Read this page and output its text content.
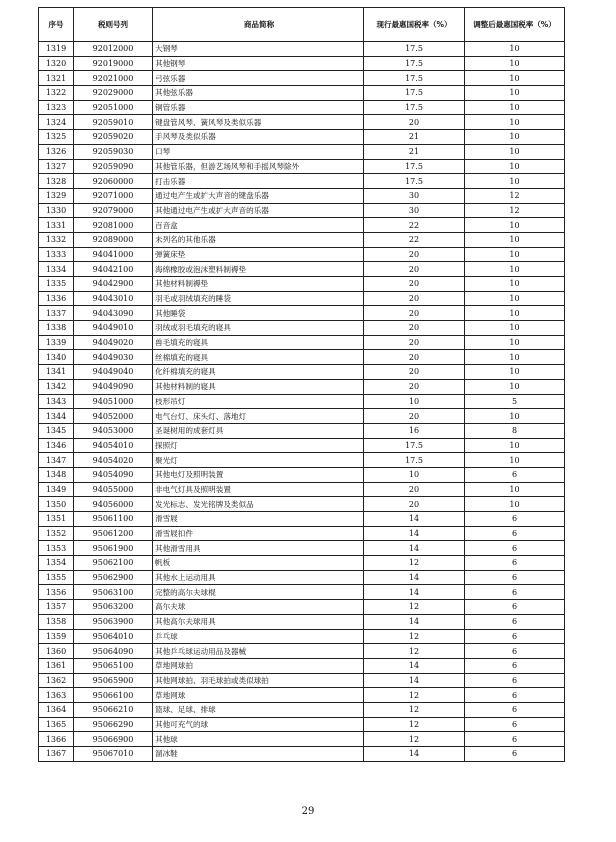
序号	税则号列	商品简称	现行最惠国税率（%）	调整后最惠国税率（%）
1319	92012000	大钢琴	17.5	10
1320	92019000	其他钢琴	17.5	10
1321	92021000	弓弦乐器	17.5	10
1322	92029000	其他弦乐器	17.5	10
1323	92051000	铜管乐器	17.5	10
1324	92059010	键盘管风琴、簧风琴及类似乐器	20	10
1325	92059020	手风琴及类似乐器	21	10
1326	92059030	口琴	21	10
1327	92059090	其他管乐器，但游艺场风琴和手摇风琴除外	17.5	10
1328	92060000	打击乐器	17.5	10
1329	92071000	通过电产生或扩大声音的键盘乐器	30	12
1330	92079000	其他通过电产生或扩大声音的乐器	30	12
1331	92081000	百音盒	22	10
1332	92089000	未列名的其他乐器	22	10
1333	94041000	弹簧床垫	20	10
1334	94042100	海绵橡胶或泡沫塑料制褥垫	20	10
1335	94042900	其他材料制褥垫	20	10
1336	94043010	羽毛或羽绒填充的睡袋	20	10
1337	94043090	其他睡袋	20	10
1338	94049010	羽绒或羽毛填充的寝具	20	10
1339	94049020	兽毛填充的寝具	20	10
1340	94049030	丝棉填充的寝具	20	10
1341	94049040	化纤棉填充的寝具	20	10
1342	94049090	其他材料制的寝具	20	10
1343	94051000	枝形吊灯	10	5
1344	94052000	电气台灯、床头灯、落地灯	20	10
1345	94053000	圣诞树用的成套灯具	16	8
1346	94054010	探照灯	17.5	10
1347	94054020	聚光灯	17.5	10
1348	94054090	其他电灯及照明装置	10	6
1349	94055000	非电气灯具及照明装置	20	10
1350	94056000	发光标志、发光铭牌及类似品	20	10
1351	95061100	滑雪屐	14	6
1352	95061200	滑雪屐扣件	14	6
1353	95061900	其他滑雪用具	14	6
1354	95062100	帆板	12	6
1355	95062900	其他水上运动用具	14	6
1356	95063100	完整的高尔夫球棍	14	6
1357	95063200	高尔夫球	12	6
1358	95063900	其他高尔夫球用具	14	6
1359	95064010	乒乓球	12	6
1360	95064090	其他乒乓球运动用品及器械	12	6
1361	95065100	草地网球拍	14	6
1362	95065900	其他网球拍、羽毛球拍或类似球拍	14	6
1363	95066100	草地网球	12	6
1364	95066210	篮球、足球、排球	12	6
1365	95066290	其他可充气的球	12	6
1366	95066900	其他球	12	6
1367	95067010	溜冰鞋	14	6
29
